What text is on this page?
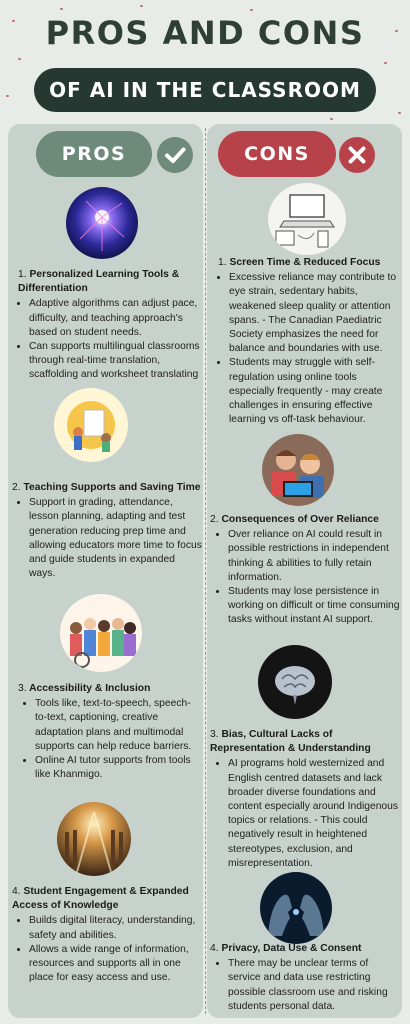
PROS AND CONS
OF AI IN THE CLASSROOM
PROS	CONS
1. Personalized Learning Tools & Differentiation
• Adaptive algorithms can adjust pace, difficulty, and teaching approach's based on student needs.
• Can supports multilingual classrooms through real-time translation, scaffolding and worksheet translating
2. Teaching Supports and Saving Time
• Support in grading, attendance, lesson planning, adapting and test generation reducing prep time and allowing educators more time to focus and guide students in expanded ways.
3. Accessibility & Inclusion
• Tools like, text-to-speech, speech-to-text, captioning, creative adaptation plans and multimodal supports can help reduce barriers.
• Online AI tutor supports from tools like Khanmigo.
4. Student Engagement & Expanded Access of Knowledge
• Builds digital literacy, understanding, safety and abilities.
• Allows a wide range of information, resources and supports all in one place for easy access and use.
1. Screen Time & Reduced Focus
• Excessive reliance may contribute to eye strain, sedentary habits, weakened sleep quality or attention spans. - The Canadian Paediatric Society emphasizes the need for balance and boundaries with use.
• Students may struggle with self-regulation using online tools especially frequently - may create challenges in ensuring effective learning vs off-task behaviour.
2. Consequences of Over Reliance
• Over reliance on AI could result in possible restrictions in independent thinking & abilities to fully retain information.
• Students may lose persistence in working on difficult or time consuming tasks without instant AI support.
3. Bias, Cultural Lacks of Representation & Understanding
• AI programs hold westernized and English centred datasets and lack broader diverse foundations and content especially around Indigenous topics or relations. - This could negatively result in heightened stereotypes, exclusion, and misrepresentation.
4. Privacy, Data Use & Consent
• There may be unclear terms of service and data use restricting possible classroom use and risking students personal data.
